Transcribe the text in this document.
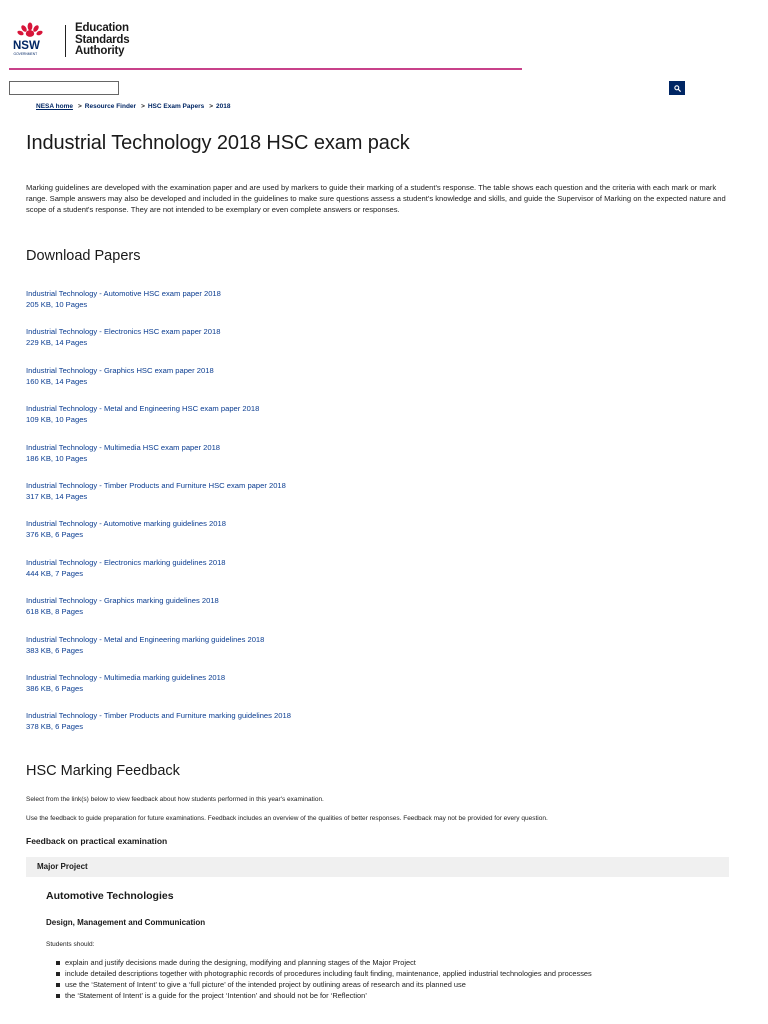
NSW
GOVERNMENT
Education
Standards
Authority
NESA home > Resource Finder > HSC Exam Papers > 2018
Industrial Technology 2018 HSC exam pack

Marking guidelines are developed with the examination paper and are used by markers to guide their marking of a student's response. The table shows each question and the criteria with each mark or mark range. Sample answers may also be developed and included in the guidelines to make sure questions assess a student's knowledge and skills, and guide the Supervisor of Marking on the expected nature and scope of a student's response. They are not intended to be exemplary or even complete answers or responses.

Download Papers
Industrial Technology - Automotive HSC exam paper 2018
205 KB, 10 Pages
Industrial Technology - Electronics HSC exam paper 2018
229 KB, 14 Pages
Industrial Technology - Graphics HSC exam paper 2018
160 KB, 14 Pages
Industrial Technology - Metal and Engineering HSC exam paper 2018
109 KB, 10 Pages
Industrial Technology - Multimedia HSC exam paper 2018
186 KB, 10 Pages
Industrial Technology - Timber Products and Furniture HSC exam paper 2018
317 KB, 14 Pages
Industrial Technology - Automotive marking guidelines 2018
376 KB, 6 Pages
Industrial Technology - Electronics marking guidelines 2018
444 KB, 7 Pages
Industrial Technology - Graphics marking guidelines 2018
618 KB, 8 Pages
Industrial Technology - Metal and Engineering marking guidelines 2018
383 KB, 6 Pages
Industrial Technology - Multimedia marking guidelines 2018
386 KB, 6 Pages
Industrial Technology - Timber Products and Furniture marking guidelines 2018
378 KB, 6 Pages
HSC Marking Feedback

Select from the link(s) below to view feedback about how students performed in this year's examination.

Use the feedback to guide preparation for future examinations. Feedback includes an overview of the qualities of better responses. Feedback may not be provided for every question.

Feedback on practical examination
Major Project
Automotive Technologies
Design, Management and Communication

Students should:

explain and justify decisions made during the designing, modifying and planning stages of the Major Project
include detailed descriptions together with photographic records of procedures including fault finding, maintenance, applied industrial technologies and processes
use the ‘Statement of Intent’ to give a ‘full picture’ of the intended project by outlining areas of research and its planned use
the ‘Statement of Intent’ is a guide for the project ‘Intention’ and should not be for ‘Reflection’
